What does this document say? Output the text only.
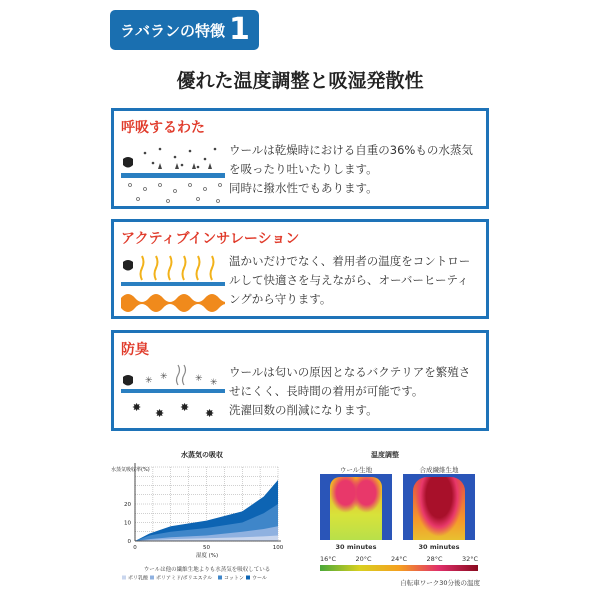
ラバランの特徴 1
優れた温度調整と吸湿発散性
呼吸するわた
ウールは乾燥時における自重の36%もの水蒸気
を吸ったり吐いたりします。
同時に撥水性でもあります。
アクティブインサレーション
温かいだけでなく、着用者の温度をコントロー
ルして快適さを与えながら、オーバーヒーティ
ングから守ります。
防臭
✳ ✳	✳ ✳
✸ ✸ ✸ ✸
ウールは匂いの原因となるバクテリアを繁殖さ
せにくく、長時間の着用が可能です。
洗濯回数の削減になります。
水蒸気の吸収
0
10
20
0	50	100
水蒸気吸収率(%)
湿度 (%)
ウールは他の繊維生地よりも水蒸気を吸収している
ポリ乳酸 ポリアミド/ポリエステル コットン ウール
温度調整
ウール生地	合成繊維生地
30 minutes	30 minutes
16°C	20°C	24°C	28°C	32°C
自転車ワーク30分後の温度
